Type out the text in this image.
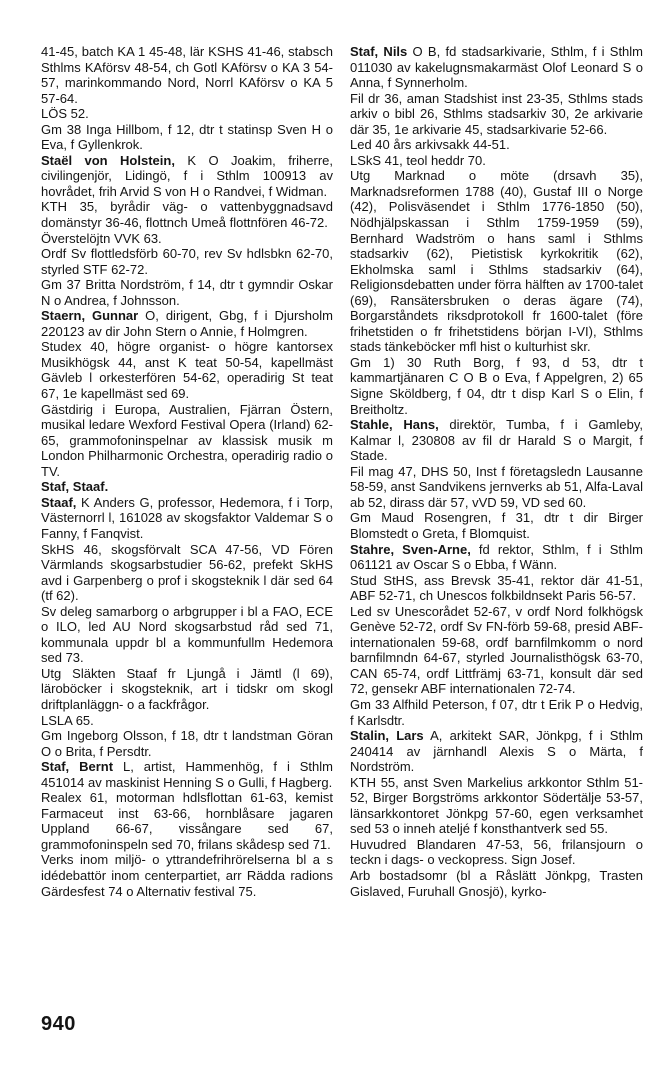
41-45, batch KA 1 45-48, lär KSHS 41-46, stabsch Sthlms KAförsv 48-54, ch Gotl KAförsv o KA 3 54-57, marinkommando Nord, Norrl KAförsv o KA 5 57-64.

LÖS 52.

Gm 38 Inga Hillbom, f 12, dtr t statinsp Sven H o Eva, f Gyllenkrok.

Staël von Holstein, K O Joakim, friherre, civilingenjör, Lidingö, f i Sthlm 100913 av hovrådet, frih Arvid S von H o Randvei, f Widman.

KTH 35, byrådir väg- o vattenbyggnadsavd domänstyr 36-46, flottnch Umeå flottnfören 46-72.

Överstelöjtn VVK 63.

Ordf Sv flottledsförb 60-70, rev Sv hdlsbkn 62-70, styrled STF 62-72.

Gm 37 Britta Nordström, f 14, dtr t gymndir Oskar N o Andrea, f Johnsson.

Staern, Gunnar O, dirigent, Gbg, f i Djursholm 220123 av dir John Stern o Annie, f Holmgren.

Studex 40, högre organist- o högre kantorsex Musikhögsk 44, anst K teat 50-54, kapellmäst Gävleb l orkesterfören 54-62, operadirig St teat 67, 1e kapellmäst sed 69.

Gästdirig i Europa, Australien, Fjärran Östern, musikal ledare Wexford Festival Opera (Irland) 62-65, grammofoninspelnar av klassisk musik m London Philharmonic Orchestra, operadirig radio o TV.

Staf, Staaf.

Staaf, K Anders G, professor, Hedemora, f i Torp, Västernorrl l, 161028 av skogsfaktor Valdemar S o Fanny, f Fanqvist.

SkHS 46, skogsförvalt SCA 47-56, VD Fören Värmlands skogsarbstudier 56-62, prefekt SkHS avd i Garpenberg o prof i skogsteknik l där sed 64 (tf 62).

Sv deleg samarborg o arbgrupper i bl a FAO, ECE o ILO, led AU Nord skogsarbstud råd sed 71, kommunala uppdr bl a kommunfullm Hedemora sed 73.

Utg Släkten Staaf fr Ljungå i Jämtl (l 69), läroböcker i skogsteknik, art i tidskr om skogl driftplanläggn- o a fackfrågor.

LSLA 65.

Gm Ingeborg Olsson, f 18, dtr t landstman Göran O o Brita, f Persdtr.

Staf, Bernt L, artist, Hammenhög, f i Sthlm 451014 av maskinist Henning S o Gulli, f Hagberg.

Realex 61, motorman hdlsflottan 61-63, kemist Farmaceut inst 63-66, hornblåsare jagaren Uppland 66-67, vissångare sed 67, grammofoninspeln sed 70, frilans skådesp sed 71.

Verks inom miljö- o yttrandefrihrörelserna bl a s idédebattör inom centerpartiet, arr Rädda radions Gärdesfest 74 o Alternativ festival 75.

Staf, Nils O B, fd stadsarkivarie, Sthlm, f i Sthlm 011030 av kakelugnsmakarmäst Olof Leonard S o Anna, f Synnerholm.

Fil dr 36, aman Stadshist inst 23-35, Sthlms stads arkiv o bibl 26, Sthlms stadsarkiv 30, 2e arkivarie där 35, 1e arkivarie 45, stadsarkivarie 52-66.

Led 40 års arkivsakk 44-51.

LSkS 41, teol heddr 70.

Utg Marknad o möte (drsavh 35), Marknadsreformen 1788 (40), Gustaf III o Norge (42), Polisväsendet i Sthlm 1776-1850 (50), Nödhjälpskassan i Sthlm 1759-1959 (59), Bernhard Wadström o hans saml i Sthlms stadsarkiv (62), Pietistisk kyrkokritik (62), Ekholmska saml i Sthlms stadsarkiv (64), Religionsdebatten under förra hälften av 1700-talet (69), Ransätersbruken o deras ägare (74), Borgarståndets riksdprotokoll fr 1600-talet (före frihetstiden o fr frihetstidens början I-VI), Sthlms stads tänkeböcker mfl hist o kulturhist skr.

Gm 1) 30 Ruth Borg, f 93, d 53, dtr t kammartjänaren C O B o Eva, f Appelgren, 2) 65 Signe Sköldberg, f 04, dtr t disp Karl S o Elin, f Breitholtz.

Stahle, Hans, direktör, Tumba, f i Gamleby, Kalmar l, 230808 av fil dr Harald S o Margit, f Stade.

Fil mag 47, DHS 50, Inst f företagsledn Lausanne 58-59, anst Sandvikens jernverks ab 51, Alfa-Laval ab 52, dirass där 57, vVD 59, VD sed 60.

Gm Maud Rosengren, f 31, dtr t dir Birger Blomstedt o Greta, f Blomquist.

Stahre, Sven-Arne, fd rektor, Sthlm, f i Sthlm 061121 av Oscar S o Ebba, f Wänn.

Stud StHS, ass Brevsk 35-41, rektor där 41-51, ABF 52-71, ch Unescos folkbildnsekt Paris 56-57.

Led sv Unescorådet 52-67, v ordf Nord folkhögsk Genève 52-72, ordf Sv FN-förb 59-68, presid ABF-internationalen 59-68, ordf barnfilmkomm o nord barnfilmndn 64-67, styrled Journalisthögsk 63-70, CAN 65-74, ordf Littfrämj 63-71, konsult där sed 72, gensekr ABF internationalen 72-74.

Gm 33 Alfhild Peterson, f 07, dtr t Erik P o Hedvig, f Karlsdtr.

Stalin, Lars A, arkitekt SAR, Jönkpg, f i Sthlm 240414 av järnhandl Alexis S o Märta, f Nordström.

KTH 55, anst Sven Markelius arkkontor Sthlm 51-52, Birger Borgströms arkkontor Södertälje 53-57, länsarkkontoret Jönkpg 57-60, egen verksamhet sed 53 o inneh ateljé f konsthantverk sed 55.

Huvudred Blandaren 47-53, 56, frilansjourn o teckn i dags- o veckopress. Sign Josef.

Arb bostadsomr (bl a Råslätt Jönkpg, Trasten Gislaved, Furuhall Gnosjö), kyrko-

940
